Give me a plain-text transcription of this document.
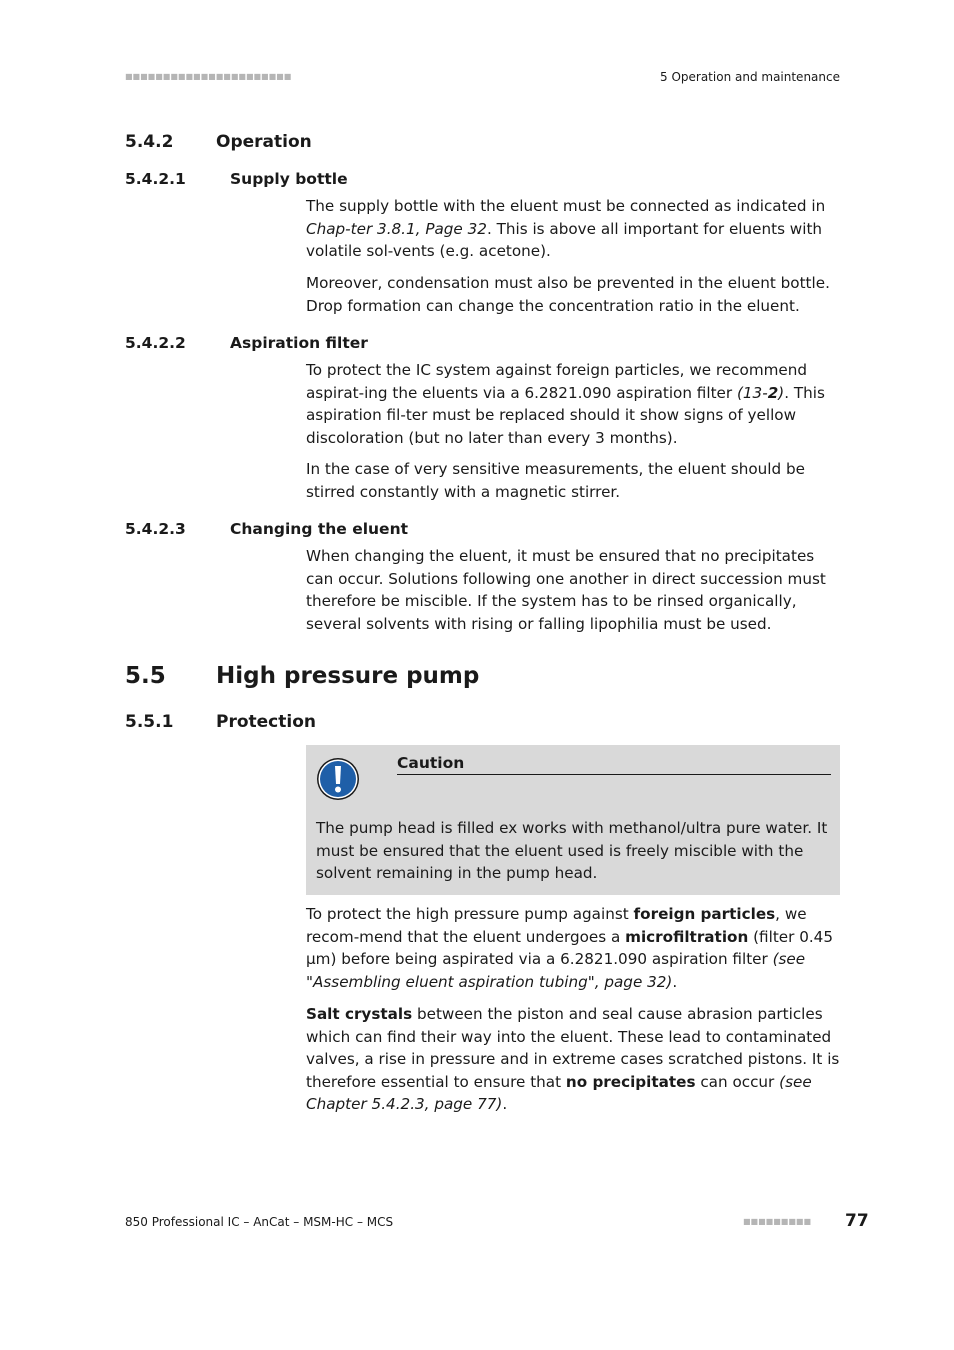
■■■■■■■■■■■■■■■■■■■■■■	5 Operation and maintenance
5.4.2	Operation
5.4.2.1	Supply bottle
The supply bottle with the eluent must be connected as indicated in Chap-ter 3.8.1, Page 32. This is above all important for eluents with volatile sol-vents (e.g. acetone).
Moreover, condensation must also be prevented in the eluent bottle. Drop formation can change the concentration ratio in the eluent.
5.4.2.2	Aspiration filter
To protect the IC system against foreign particles, we recommend aspirat-ing the eluents via a 6.2821.090 aspiration filter (13-2). This aspiration fil-ter must be replaced should it show signs of yellow discoloration (but no later than every 3 months).
In the case of very sensitive measurements, the eluent should be stirred constantly with a magnetic stirrer.
5.4.2.3	Changing the eluent
When changing the eluent, it must be ensured that no precipitates can occur. Solutions following one another in direct succession must therefore be miscible. If the system has to be rinsed organically, several solvents with rising or falling lipophilia must be used.
5.5 High pressure pump
5.5.1	Protection
Caution
The pump head is filled ex works with methanol/ultra pure water. It must be ensured that the eluent used is freely miscible with the solvent remaining in the pump head.
To protect the high pressure pump against foreign particles, we recom-mend that the eluent undergoes a microfiltration (filter 0.45 µm) before being aspirated via a 6.2821.090 aspiration filter (see "Assembling eluent aspiration tubing", page 32).
Salt crystals between the piston and seal cause abrasion particles which can find their way into the eluent. These lead to contaminated valves, a rise in pressure and in extreme cases scratched pistons. It is therefore essential to ensure that no precipitates can occur (see Chapter 5.4.2.3, page 77).
850 Professional IC – AnCat – MSM-HC – MCS	■■■■■■■■■ 77
